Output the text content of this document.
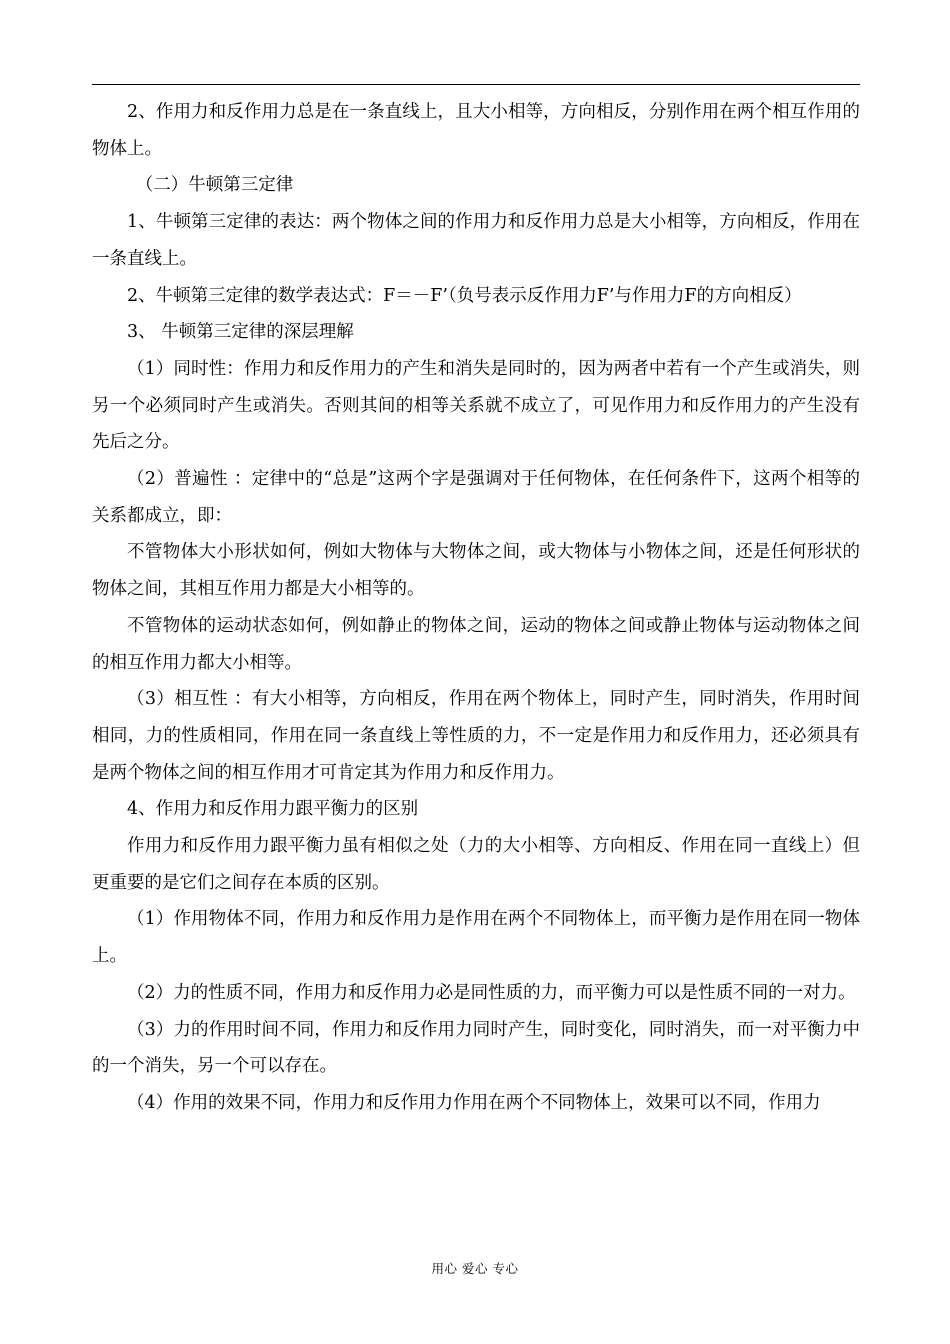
2、作用力和反作用力总是在一条直线上，且大小相等，方向相反，分别作用在两个相互作用的物体上。

（二）牛顿第三定律

1、牛顿第三定律的表达：两个物体之间的作用力和反作用力总是大小相等，方向相反，作用在一条直线上。

2、牛顿第三定律的数学表达式：F＝－F’（负号表示反作用力F’与作用力F的方向相反）

3、 牛顿第三定律的深层理解

（1）同时性：作用力和反作用力的产生和消失是同时的，因为两者中若有一个产生或消失，则另一个必须同时产生或消失。否则其间的相等关系就不成立了，可见作用力和反作用力的产生没有先后之分。

（2）普遍性 ：定律中的“总是”这两个字是强调对于任何物体，在任何条件下，这两个相等的关系都成立，即：

不管物体大小形状如何，例如大物体与大物体之间，或大物体与小物体之间，还是任何形状的物体之间，其相互作用力都是大小相等的。

不管物体的运动状态如何，例如静止的物体之间，运动的物体之间或静止物体与运动物体之间的相互作用力都大小相等。

（3）相互性 ：有大小相等，方向相反，作用在两个物体上，同时产生，同时消失，作用时间相同，力的性质相同，作用在同一条直线上等性质的力，不一定是作用力和反作用力，还必须具有是两个物体之间的相互作用才可肯定其为作用力和反作用力。

4、作用力和反作用力跟平衡力的区别

作用力和反作用力跟平衡力虽有相似之处（力的大小相等、方向相反、作用在同一直线上）但更重要的是它们之间存在本质的区别。

（1）作用物体不同，作用力和反作用力是作用在两个不同物体上，而平衡力是作用在同一物体上。

（2）力的性质不同，作用力和反作用力必是同性质的力，而平衡力可以是性质不同的一对力。

（3）力的作用时间不同，作用力和反作用力同时产生，同时变化，同时消失，而一对平衡力中的一个消失，另一个可以存在。

（4）作用的效果不同，作用力和反作用力作用在两个不同物体上，效果可以不同，作用力

用心 爱心 专心
